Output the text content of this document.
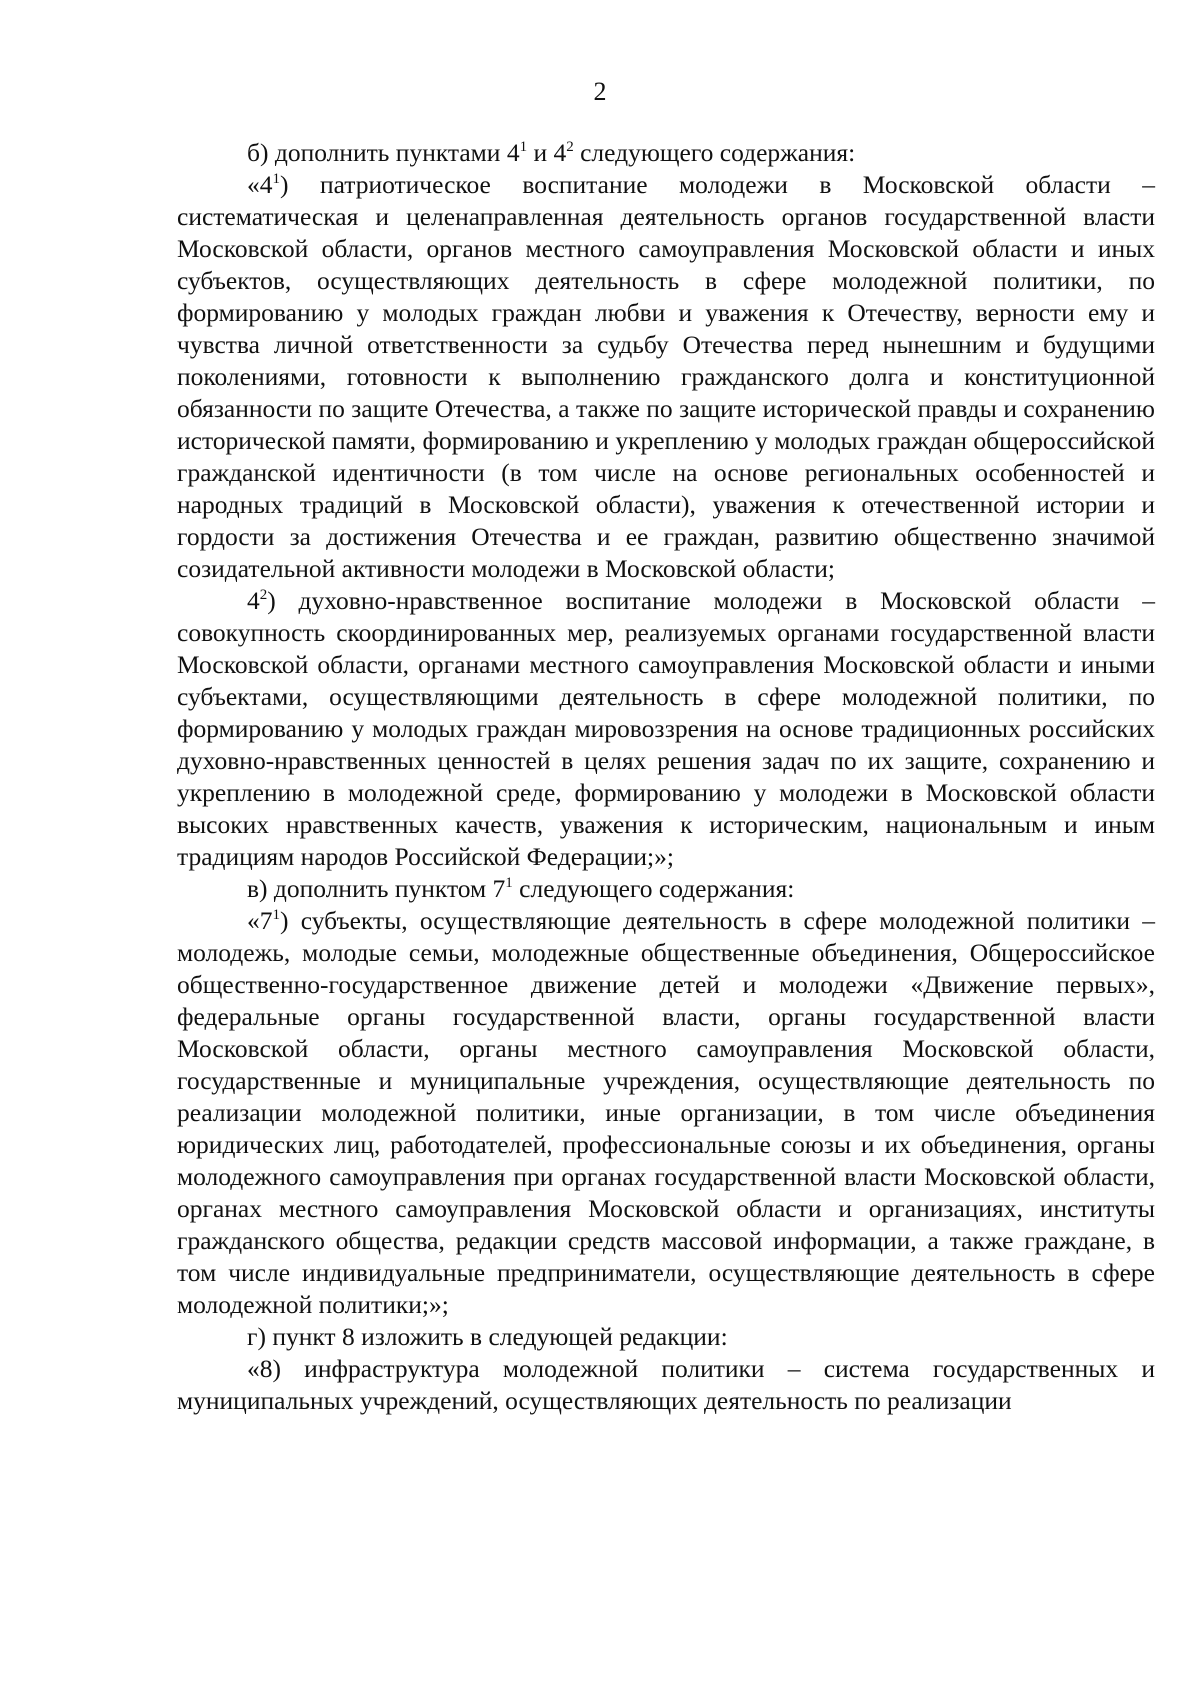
2

б) дополнить пунктами $4^1$ и $4^2$ следующего содержания:

«$4^1$) патриотическое воспитание молодежи в Московской области – систематическая и целенаправленная деятельность органов государственной власти Московской области, органов местного самоуправления Московской области и иных субъектов, осуществляющих деятельность в сфере молодежной политики, по формированию у молодых граждан любви и уважения к Отечеству, верности ему и чувства личной ответственности за судьбу Отечества перед нынешним и будущими поколениями, готовности к выполнению гражданского долга и конституционной обязанности по защите Отечества, а также по защите исторической правды и сохранению исторической памяти, формированию и укреплению у молодых граждан общероссийской гражданской идентичности (в том числе на основе региональных особенностей и народных традиций в Московской области), уважения к отечественной истории и гордости за достижения Отечества и ее граждан, развитию общественно значимой созидательной активности молодежи в Московской области;

$4^2$) духовно-нравственное воспитание молодежи в Московской области – совокупность скоординированных мер, реализуемых органами государственной власти Московской области, органами местного самоуправления Московской области и иными субъектами, осуществляющими деятельность в сфере молодежной политики, по формированию у молодых граждан мировоззрения на основе традиционных российских духовно-нравственных ценностей в целях решения задач по их защите, сохранению и укреплению в молодежной среде, формированию у молодежи в Московской области высоких нравственных качеств, уважения к историческим, национальным и иным традициям народов Российской Федерации;»;

в) дополнить пунктом $7^1$ следующего содержания:

«$7^1$) субъекты, осуществляющие деятельность в сфере молодежной политики – молодежь, молодые семьи, молодежные общественные объединения, Общероссийское общественно-государственное движение детей и молодежи «Движение первых», федеральные органы государственной власти, органы государственной власти Московской области, органы местного самоуправления Московской области, государственные и муниципальные учреждения, осуществляющие деятельность по реализации молодежной политики, иные организации, в том числе объединения юридических лиц, работодателей, профессиональные союзы и их объединения, органы молодежного самоуправления при органах государственной власти Московской области, органах местного самоуправления Московской области и организациях, институты гражданского общества, редакции средств массовой информации, а также граждане, в том числе индивидуальные предприниматели, осуществляющие деятельность в сфере молодежной политики;»;

г) пункт 8 изложить в следующей редакции:

«8) инфраструктура молодежной политики – система государственных и муниципальных учреждений, осуществляющих деятельность по реализации
